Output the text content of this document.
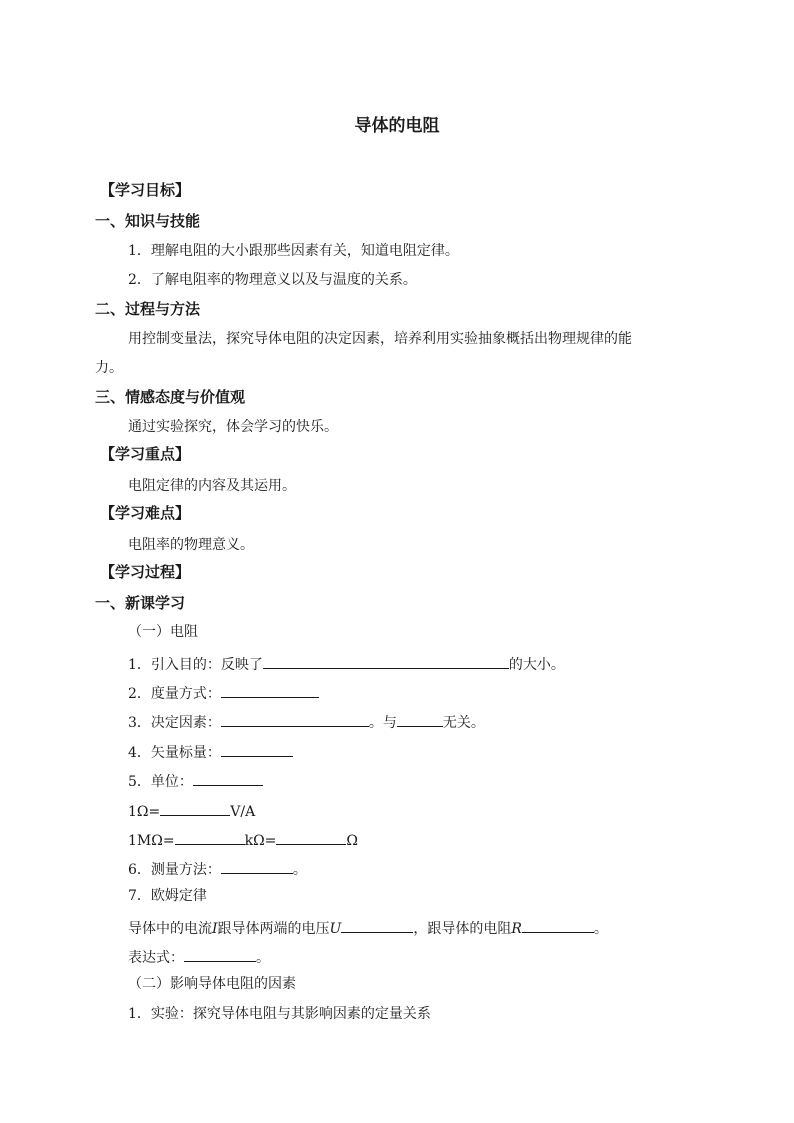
导体的电阻
【学习目标】
一、知识与技能
1．理解电阻的大小跟那些因素有关，知道电阻定律。
2．了解电阻率的物理意义以及与温度的关系。
二、过程与方法
用控制变量法，探究导体电阻的决定因素，培养利用实验抽象概括出物理规律的能
力。
三、情感态度与价值观
通过实验探究，体会学习的快乐。
【学习重点】
电阻定律的内容及其运用。
【学习难点】
电阻率的物理意义。
【学习过程】
一、新课学习
（一）电阻
1．引入目的：反映了	的大小。
2．度量方式：
3．决定因素：	。与	无关。
4．矢量标量：
5．单位：
1Ω=	V/A
1MΩ=	kΩ=	Ω
6．测量方法：	。
7．欧姆定律
导体中的电流I跟导体两端的电压U	，跟导体的电阻R	。
表达式：	。
（二）影响导体电阻的因素
1．实验：探究导体电阻与其影响因素的定量关系
